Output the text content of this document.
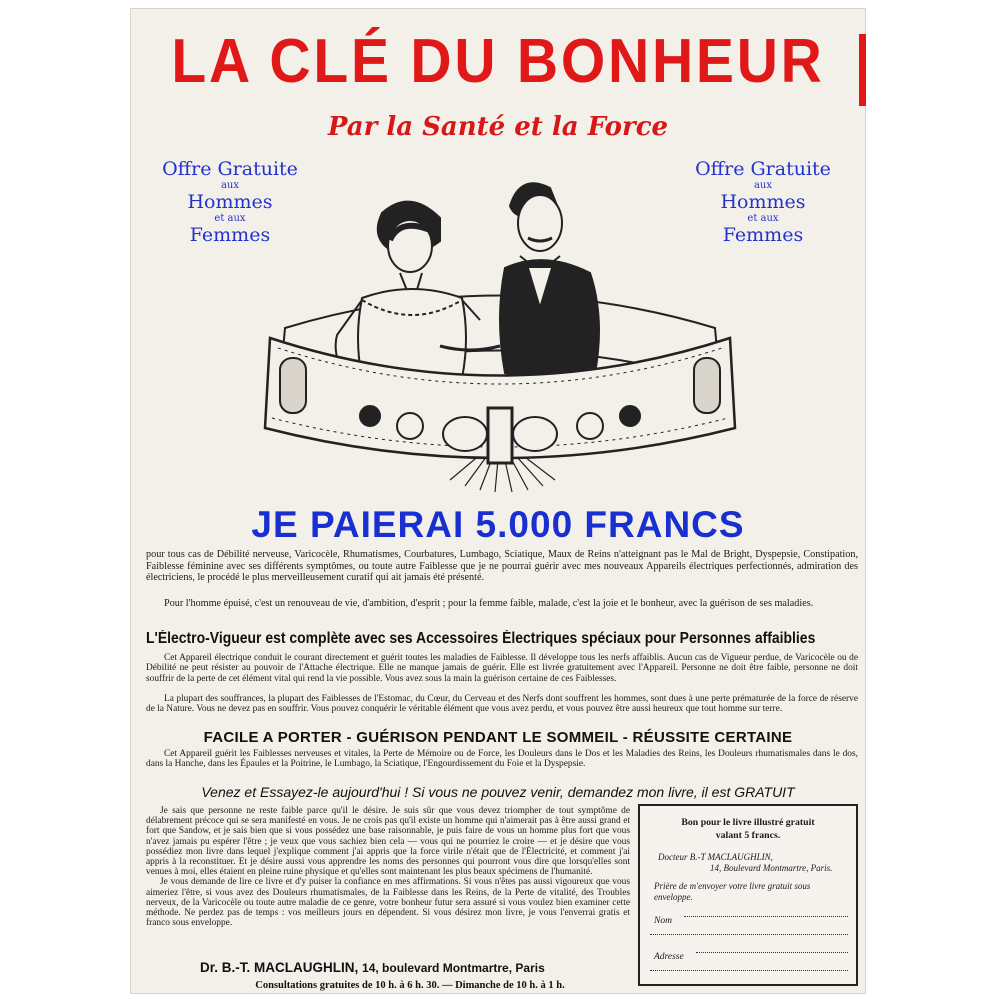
LA CLÉ DU BONHEUR
Par la Santé et la Force
Offre Gratuite
aux
Hommes
et aux
Femmes
Offre Gratuite
aux
Hommes
et aux
Femmes
JE PAIERAI 5.000 FRANCS
pour tous cas de Débilité nerveuse, Varicocèle, Rhumatismes, Courbatures, Lumbago, Sciatique, Maux de Reins n'atteignant pas le Mal de Bright, Dyspepsie, Constipation, Faiblesse féminine avec ses différents symptômes, ou toute autre Faiblesse que je ne pourrai guérir avec mes nouveaux Appareils électriques perfectionnés, admiration des électriciens, le procédé le plus merveilleusement curatif qui ait jamais été présenté.
Pour l'homme épuisé, c'est un renouveau de vie, d'ambition, d'esprit ; pour la femme faible, malade, c'est la joie et le bonheur, avec la guérison de ses maladies.
L'Électro-Vigueur est complète avec ses Accessoires Électriques spéciaux pour Personnes affaiblies
Cet Appareil électrique conduit le courant directement et guérit toutes les maladies de Faiblesse. Il développe tous les nerfs affaiblis. Aucun cas de Vigueur perdue, de Varicocèle ou de Débilité ne peut résister au pouvoir de l'Attache électrique. Elle ne manque jamais de guérir. Elle est livrée gratuitement avec l'Appareil. Personne ne doit être faible, personne ne doit souffrir de la perte de cet élément vital qui rend la vie possible. Vous avez sous la main la guérison certaine de ces Faiblesses.
La plupart des souffrances, la plupart des Faiblesses de l'Estomac, du Cœur, du Cerveau et des Nerfs dont souffrent les hommes, sont dues à une perte prématurée de la force de réserve de la Nature. Vous ne devez pas en souffrir. Vous pouvez conquérir le véritable élément que vous avez perdu, et vous pouvez être aussi heureux que tout homme sur terre.
FACILE A PORTER - GUÉRISON PENDANT LE SOMMEIL - RÉUSSITE CERTAINE
Cet Appareil guérit les Faiblesses nerveuses et vitales, la Perte de Mémoire ou de Force, les Douleurs dans le Dos et les Maladies des Reins, les Douleurs rhumatismales dans le dos, dans la Hanche, dans les Épaules et la Poitrine, le Lumbago, la Sciatique, l'Engourdissement du Foie et la Dyspepsie.
Venez et Essayez-le aujourd'hui ! Si vous ne pouvez venir, demandez mon livre, il est GRATUIT

Je sais que personne ne reste faible parce qu'il le désire. Je suis sûr que vous devez triompher de tout symptôme de délabrement précoce qui se sera manifesté en vous. Je ne crois pas qu'il existe un homme qui n'aimerait pas à être aussi grand et fort que Sandow, et je sais bien que si vous possédez une base raisonnable, je puis faire de vous un homme plus fort que vous n'avez jamais pu espérer l'être ; je veux que vous sachiez bien cela — vous qui ne pourriez le croire — et je désire que vous possédiez mon livre dans lequel j'explique comment j'ai appris que la force virile n'était que de l'Électricité, et comment j'ai appris à la reconstituer. Et je désire aussi vous apprendre les noms des personnes qui pourront vous dire que lorsqu'elles sont venues à moi, elles étaient en pleine ruine physique et qu'elles sont maintenant les plus beaux spécimens de l'humanité.

Je vous demande de lire ce livre et d'y puiser la confiance en mes affirmations. Si vous n'êtes pas aussi vigoureux que vous aimeriez l'être, si vous avez des Douleurs rhumatismales, de la Faiblesse dans les Reins, de la Perte de vitalité, des Troubles nerveux, de la Varicocèle ou toute autre maladie de ce genre, votre bonheur futur sera assuré si vous voulez bien examiner cette méthode. Ne perdez pas de temps : vos meilleurs jours en dépendent. Si vous désirez mon livre, je vous l'enverrai gratis et franco sous enveloppe.

Dr. B.-T. MACLAUGHLIN, 14, boulevard Montmartre, Paris
Consultations gratuites de 10 h. à 6 h. 30. — Dimanche de 10 h. à 1 h.
Bon pour le livre illustré gratuit
valant 5 francs.
Docteur B.-T MACLAUGHLIN,
14, Boulevard Montmartre, Paris.
Prière de m'envoyer votre livre gratuit sous enveloppe.
Nom
Adresse
